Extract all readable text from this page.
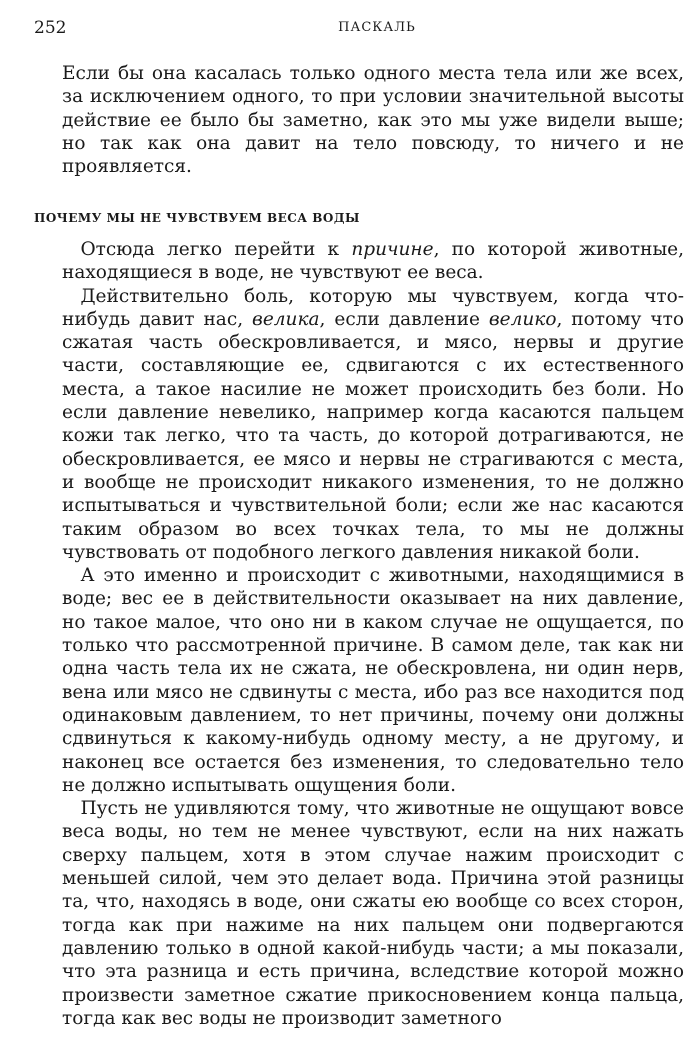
252	ПАСКАЛЬ

Если бы она касалась только одного места тела или же всех, за исключением одного, то при условии значительной высоты действие ее было бы заметно, как это мы уже видели выше; но так как она давит на тело повсюду, то ничего и не проявляется.

ПОЧЕМУ МЫ НЕ ЧУВСТВУЕМ ВЕСА ВОДЫ

 Отсюда легко перейти к причине, по которой животные, находящиеся в воде, не чувствуют ее веса.

 Действительно боль, которую мы чувствуем, когда что-нибудь давит нас, велика, если давление велико, потому что сжатая часть обескровливается, и мясо, нервы и другие части, составляющие ее, сдвигаются с их естественного места, а такое насилие не может происходить без боли. Но если давление невелико, например когда касаются пальцем кожи так легко, что та часть, до которой дотрагиваются, не обескровливается, ее мясо и нервы не страгиваются с места, и вообще не происходит никакого изменения, то не должно испытываться и чувствительной боли; если же нас касаются таким образом во всех точках тела, то мы не должны чувствовать от подобного легкого давления никакой боли.

 А это именно и происходит с животными, находящимися в воде; вес ее в действительности оказывает на них давление, но такое малое, что оно ни в каком случае не ощущается, по только что рассмотренной причине. В самом деле, так как ни одна часть тела их не сжата, не обескровлена, ни один нерв, вена или мясо не сдвинуты с места, ибо раз все находится под одинаковым давлением, то нет причины, почему они должны сдвинуться к какому-нибудь одному месту, а не другому, и наконец все остается без изменения, то следовательно тело не должно испытывать ощущения боли.

 Пусть не удивляются тому, что животные не ощущают вовсе веса воды, но тем не менее чувствуют, если на них нажать сверху пальцем, хотя в этом случае нажим происходит с меньшей силой, чем это делает вода. Причина этой разницы та, что, находясь в воде, они сжаты ею вообще со всех сторон, тогда как при нажиме на них пальцем они подвергаются давлению только в одной какой-нибудь части; а мы показали, что эта разница и есть причина, вследствие которой можно произвести заметное сжатие прикосновением конца пальца, тогда как вес воды не производит заметного
